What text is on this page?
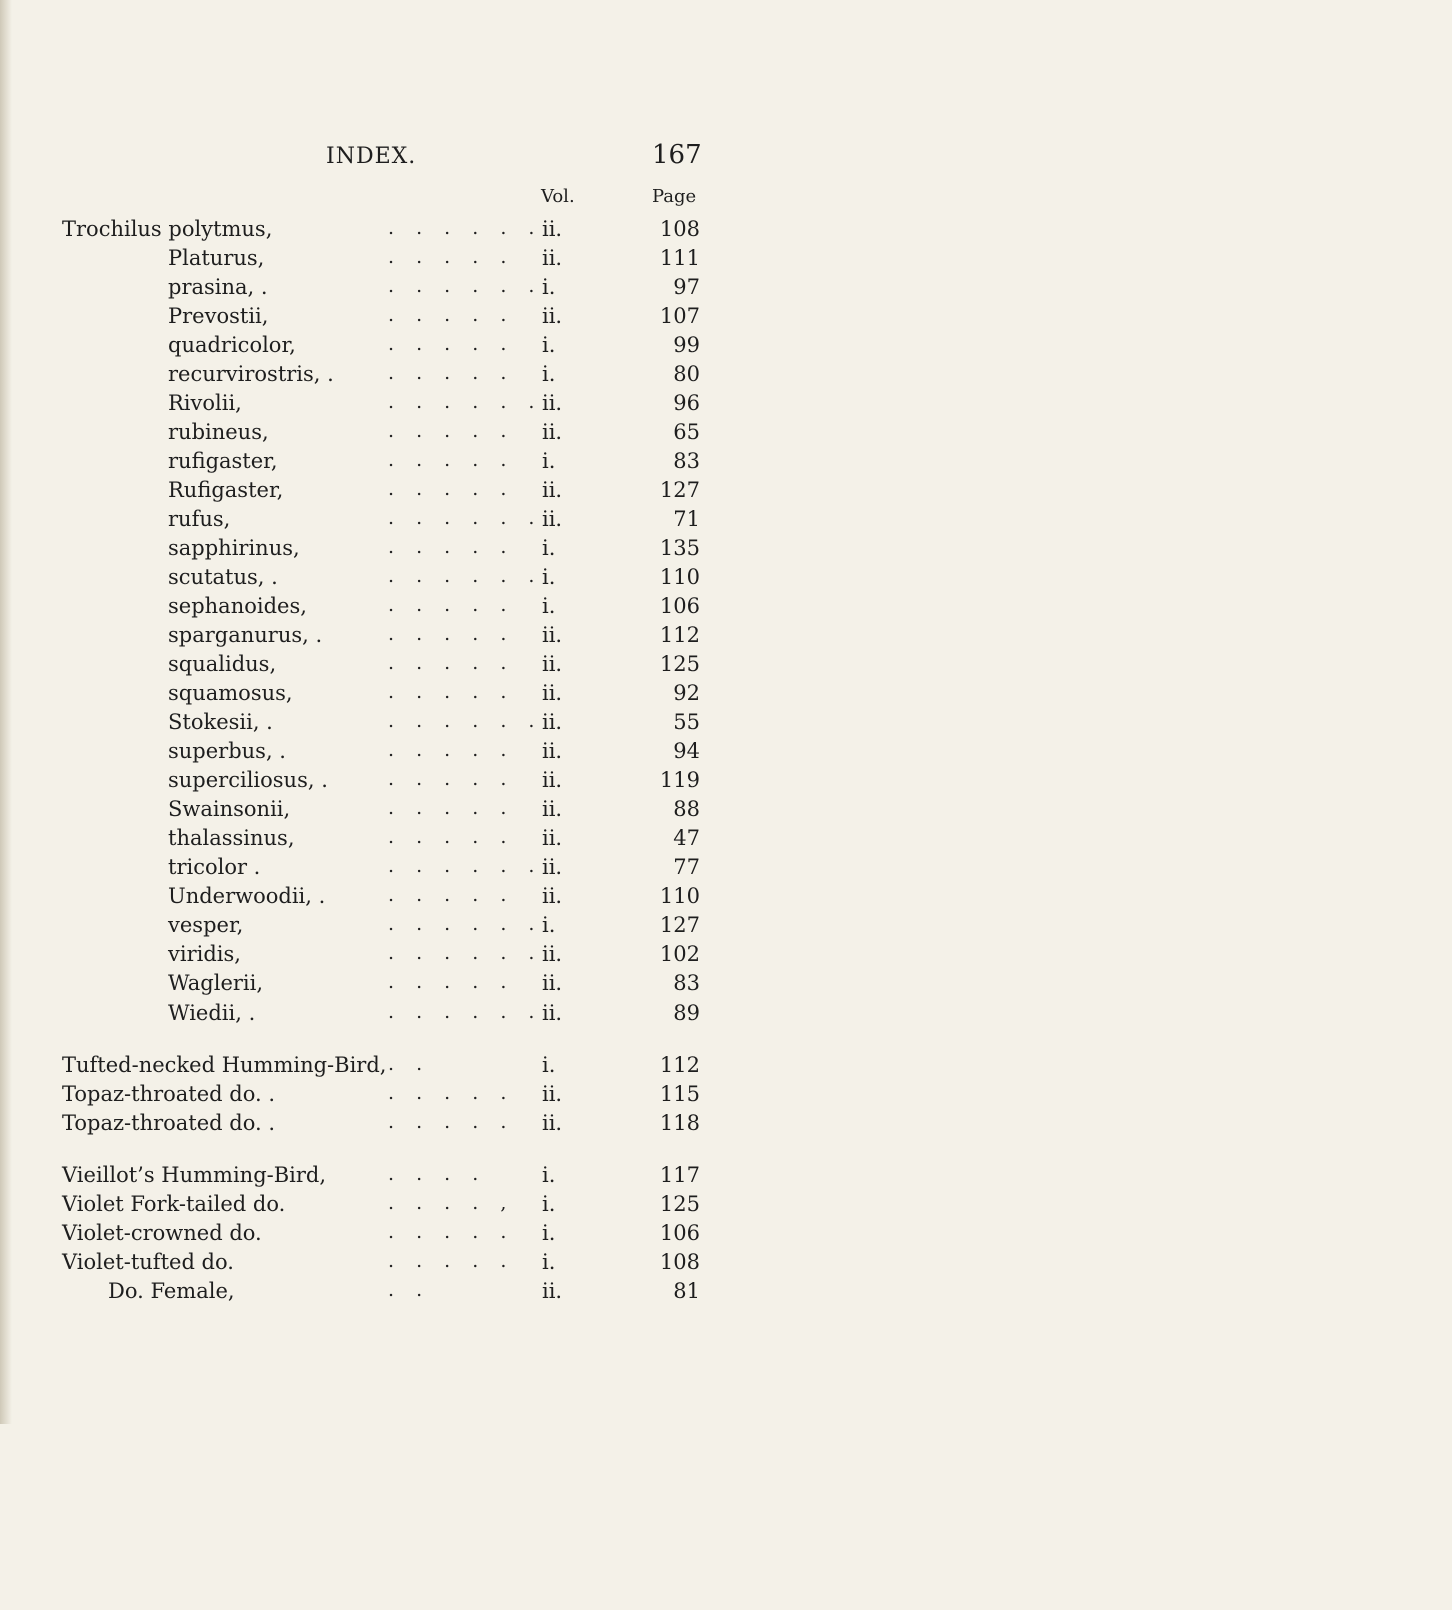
INDEX.	167
Vol.	Page
Trochilus polytmus,	. . . . . . ii.	108
Platurus,	. . . . . ii.	111
prasina, .	. . . . . . i.	97
Prevostii,	. . . . . ii.	107
quadricolor,	. . . . . i.	99
recurvirostris, .	. . . . . i.	80
Rivolii,	. . . . . . ii.	96
rubineus,	. . . . . ii.	65
rufigaster,	. . . . . i.	83
Rufigaster,	. . . . . ii.	127
rufus,	. . . . . . ii.	71
sapphirinus,	. . . . . i.	135
scutatus, .	. . . . . . i.	110
sephanoides,	. . . . . i.	106
sparganurus, .	. . . . . ii.	112
squalidus,	. . . . . ii.	125
squamosus,	. . . . . ii.	92
Stokesii, .	. . . . . . ii.	55
superbus, .	. . . . . ii.	94
superciliosus, .	. . . . . ii.	119
Swainsonii,	. . . . . ii.	88
thalassinus,	. . . . . ii.	47
tricolor .	. . . . . . ii.	77
Underwoodii, .	. . . . . ii.	110
vesper,	. . . . . . i.	127
viridis,	. . . . . . ii.	102
Waglerii,	. . . . . ii.	83
Wiedii, .	. . . . . . ii.	89
Tufted-necked Humming-Bird, . .	i.	112
Topaz-throated do. .	. . . . . ii.	115
Topaz-throated do. .	. . . . . ii.	118
Vieillot’s Humming-Bird,	. . . .	i.	117
Violet Fork-tailed do.	. . . . , i.	125
Violet-crowned do.	. . . . . i.	106
Violet-tufted do.	. . . . . i.	108
Do. Female,	. .	ii.	81
